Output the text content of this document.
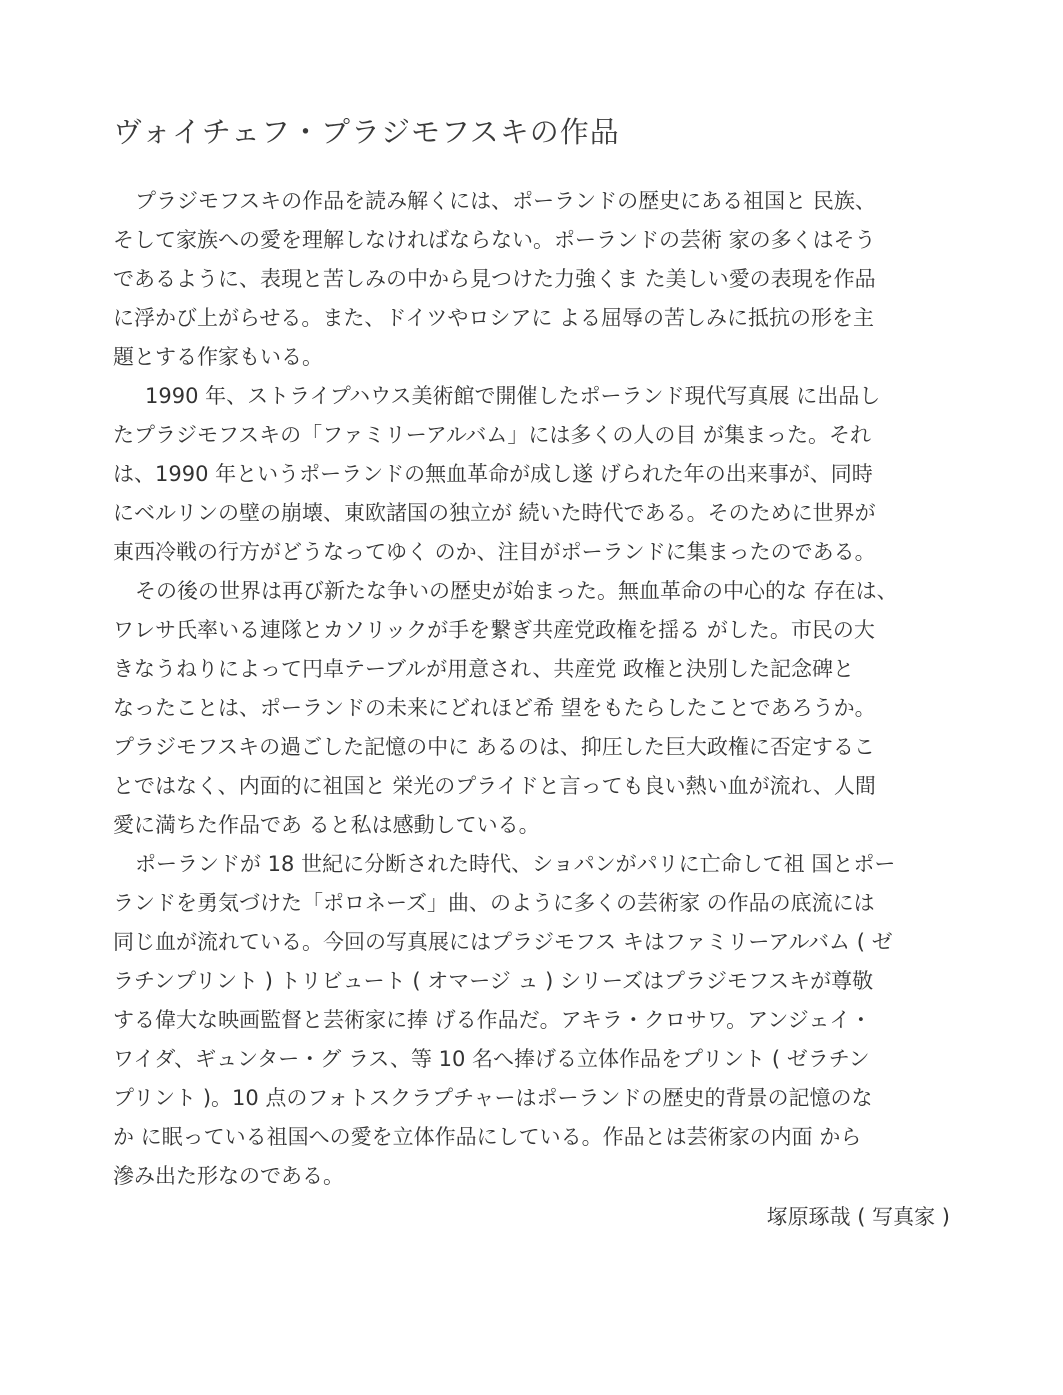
ヴォイチェフ・プラジモフスキの作品
プラジモフスキの作品を読み解くには、ポーランドの歴史にある祖国と 民族、
そして家族への愛を理解しなければならない。ポーランドの芸術 家の多くはそう
であるように、表現と苦しみの中から見つけた力強くま た美しい愛の表現を作品
に浮かび上がらせる。また、ドイツやロシアに よる屈辱の苦しみに抵抗の形を主
題とする作家もいる。
1990 年、ストライプハウス美術館で開催したポーランド現代写真展 に出品し
たプラジモフスキの「ファミリーアルバム」には多くの人の目 が集まった。それ
は、1990 年というポーランドの無血革命が成し遂 げられた年の出来事が、同時
にベルリンの壁の崩壊、東欧諸国の独立が 続いた時代である。そのために世界が
東西冷戦の行方がどうなってゆく のか、注目がポーランドに集まったのである。
その後の世界は再び新たな争いの歴史が始まった。無血革命の中心的な 存在は、
ワレサ氏率いる連隊とカソリックが手を繋ぎ共産党政権を揺る がした。市民の大
きなうねりによって円卓テーブルが用意され、共産党 政権と決別した記念碑と
なったことは、ポーランドの未来にどれほど希 望をもたらしたことであろうか。
プラジモフスキの過ごした記憶の中に あるのは、抑圧した巨大政権に否定するこ
とではなく、内面的に祖国と 栄光のプライドと言っても良い熱い血が流れ、人間
愛に満ちた作品であ ると私は感動している。
ポーランドが 18 世紀に分断された時代、ショパンがパリに亡命して祖 国とポー
ランドを勇気づけた「ポロネーズ」曲、のように多くの芸術家 の作品の底流には
同じ血が流れている。今回の写真展にはプラジモフス キはファミリーアルバム ( ゼ
ラチンプリント ) トリビュート ( オマージ ュ ) シリーズはプラジモフスキが尊敬
する偉大な映画監督と芸術家に捧 げる作品だ。アキラ・クロサワ。アンジェイ・
ワイダ、ギュンター・グ ラス、等 10 名へ捧げる立体作品をプリント ( ゼラチン
プリント )。10 点のフォトスクラプチャーはポーランドの歴史的背景の記憶のな
か に眠っている祖国への愛を立体作品にしている。作品とは芸術家の内面 から
滲み出た形なのである。
塚原琢哉 ( 写真家 )
